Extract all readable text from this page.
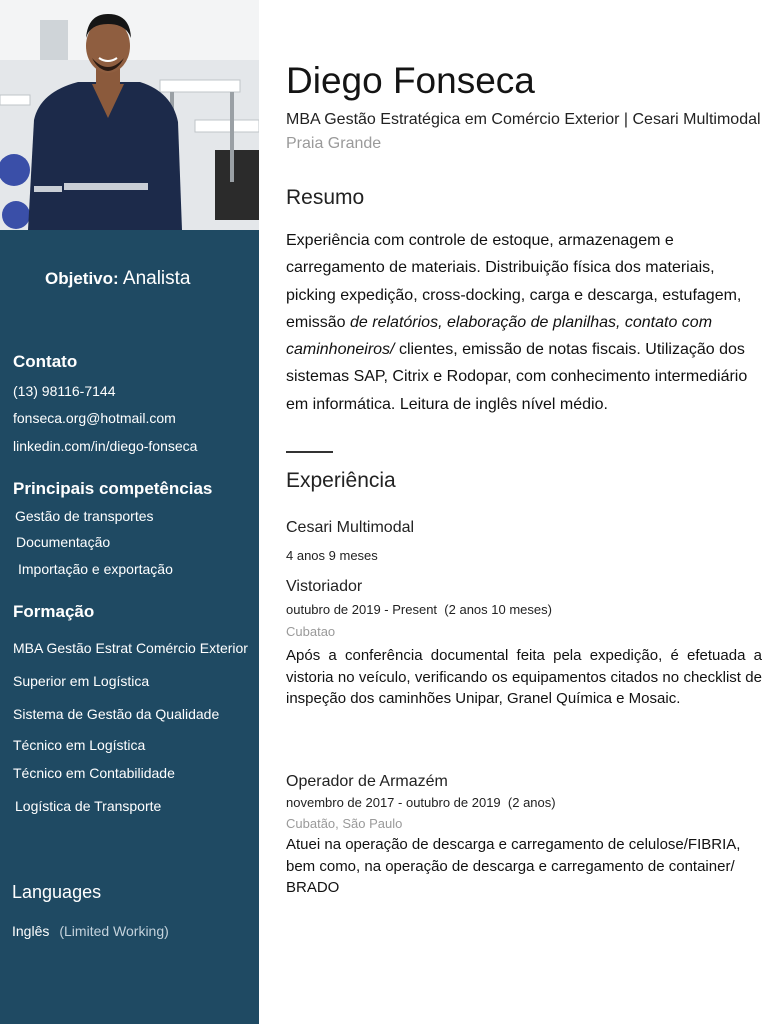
Objetivo: Analista
Contato
(13) 98116-7144
fonseca.org@hotmail.com
linkedin.com/in/diego-fonseca
Principais competências
Gestão de transportes
Documentação
Importação e exportação
Formação
MBA Gestão Estrat Comércio Exterior
Superior em Logística
Sistema de Gestão da Qualidade
Técnico em Logística
Técnico em Contabilidade
Logística de Transporte
Languages
Inglês (Limited Working)
Diego Fonseca
MBA Gestão Estratégica em Comércio Exterior | Cesari Multimodal
Praia Grande
Resumo
Experiência com controle de estoque, armazenagem e carregamento de materiais. Distribuição física dos materiais, picking expedição, cross-docking, carga e descarga, estufagem, emissão de relatórios, elaboração de planilhas, contato com caminhoneiros/ clientes, emissão de notas fiscais. Utilização dos sistemas SAP, Citrix e Rodopar, com conhecimento intermediário em informática. Leitura de inglês nível médio.
Experiência
Cesari Multimodal
4 anos 9 meses
Vistoriador
outubro de 2019 - Present (2 anos 10 meses)
Cubatao
Após a conferência documental feita pela expedição, é efetuada a vistoria no veículo, verificando os equipamentos citados no checklist de inspeção dos caminhões Unipar, Granel Química e Mosaic.
Operador de Armazém
novembro de 2017 - outubro de 2019 (2 anos)
Cubatão, São Paulo
Atuei na operação de descarga e carregamento de celulose/FIBRIA, bem como, na operação de descarga e carregamento de container/ BRADO
